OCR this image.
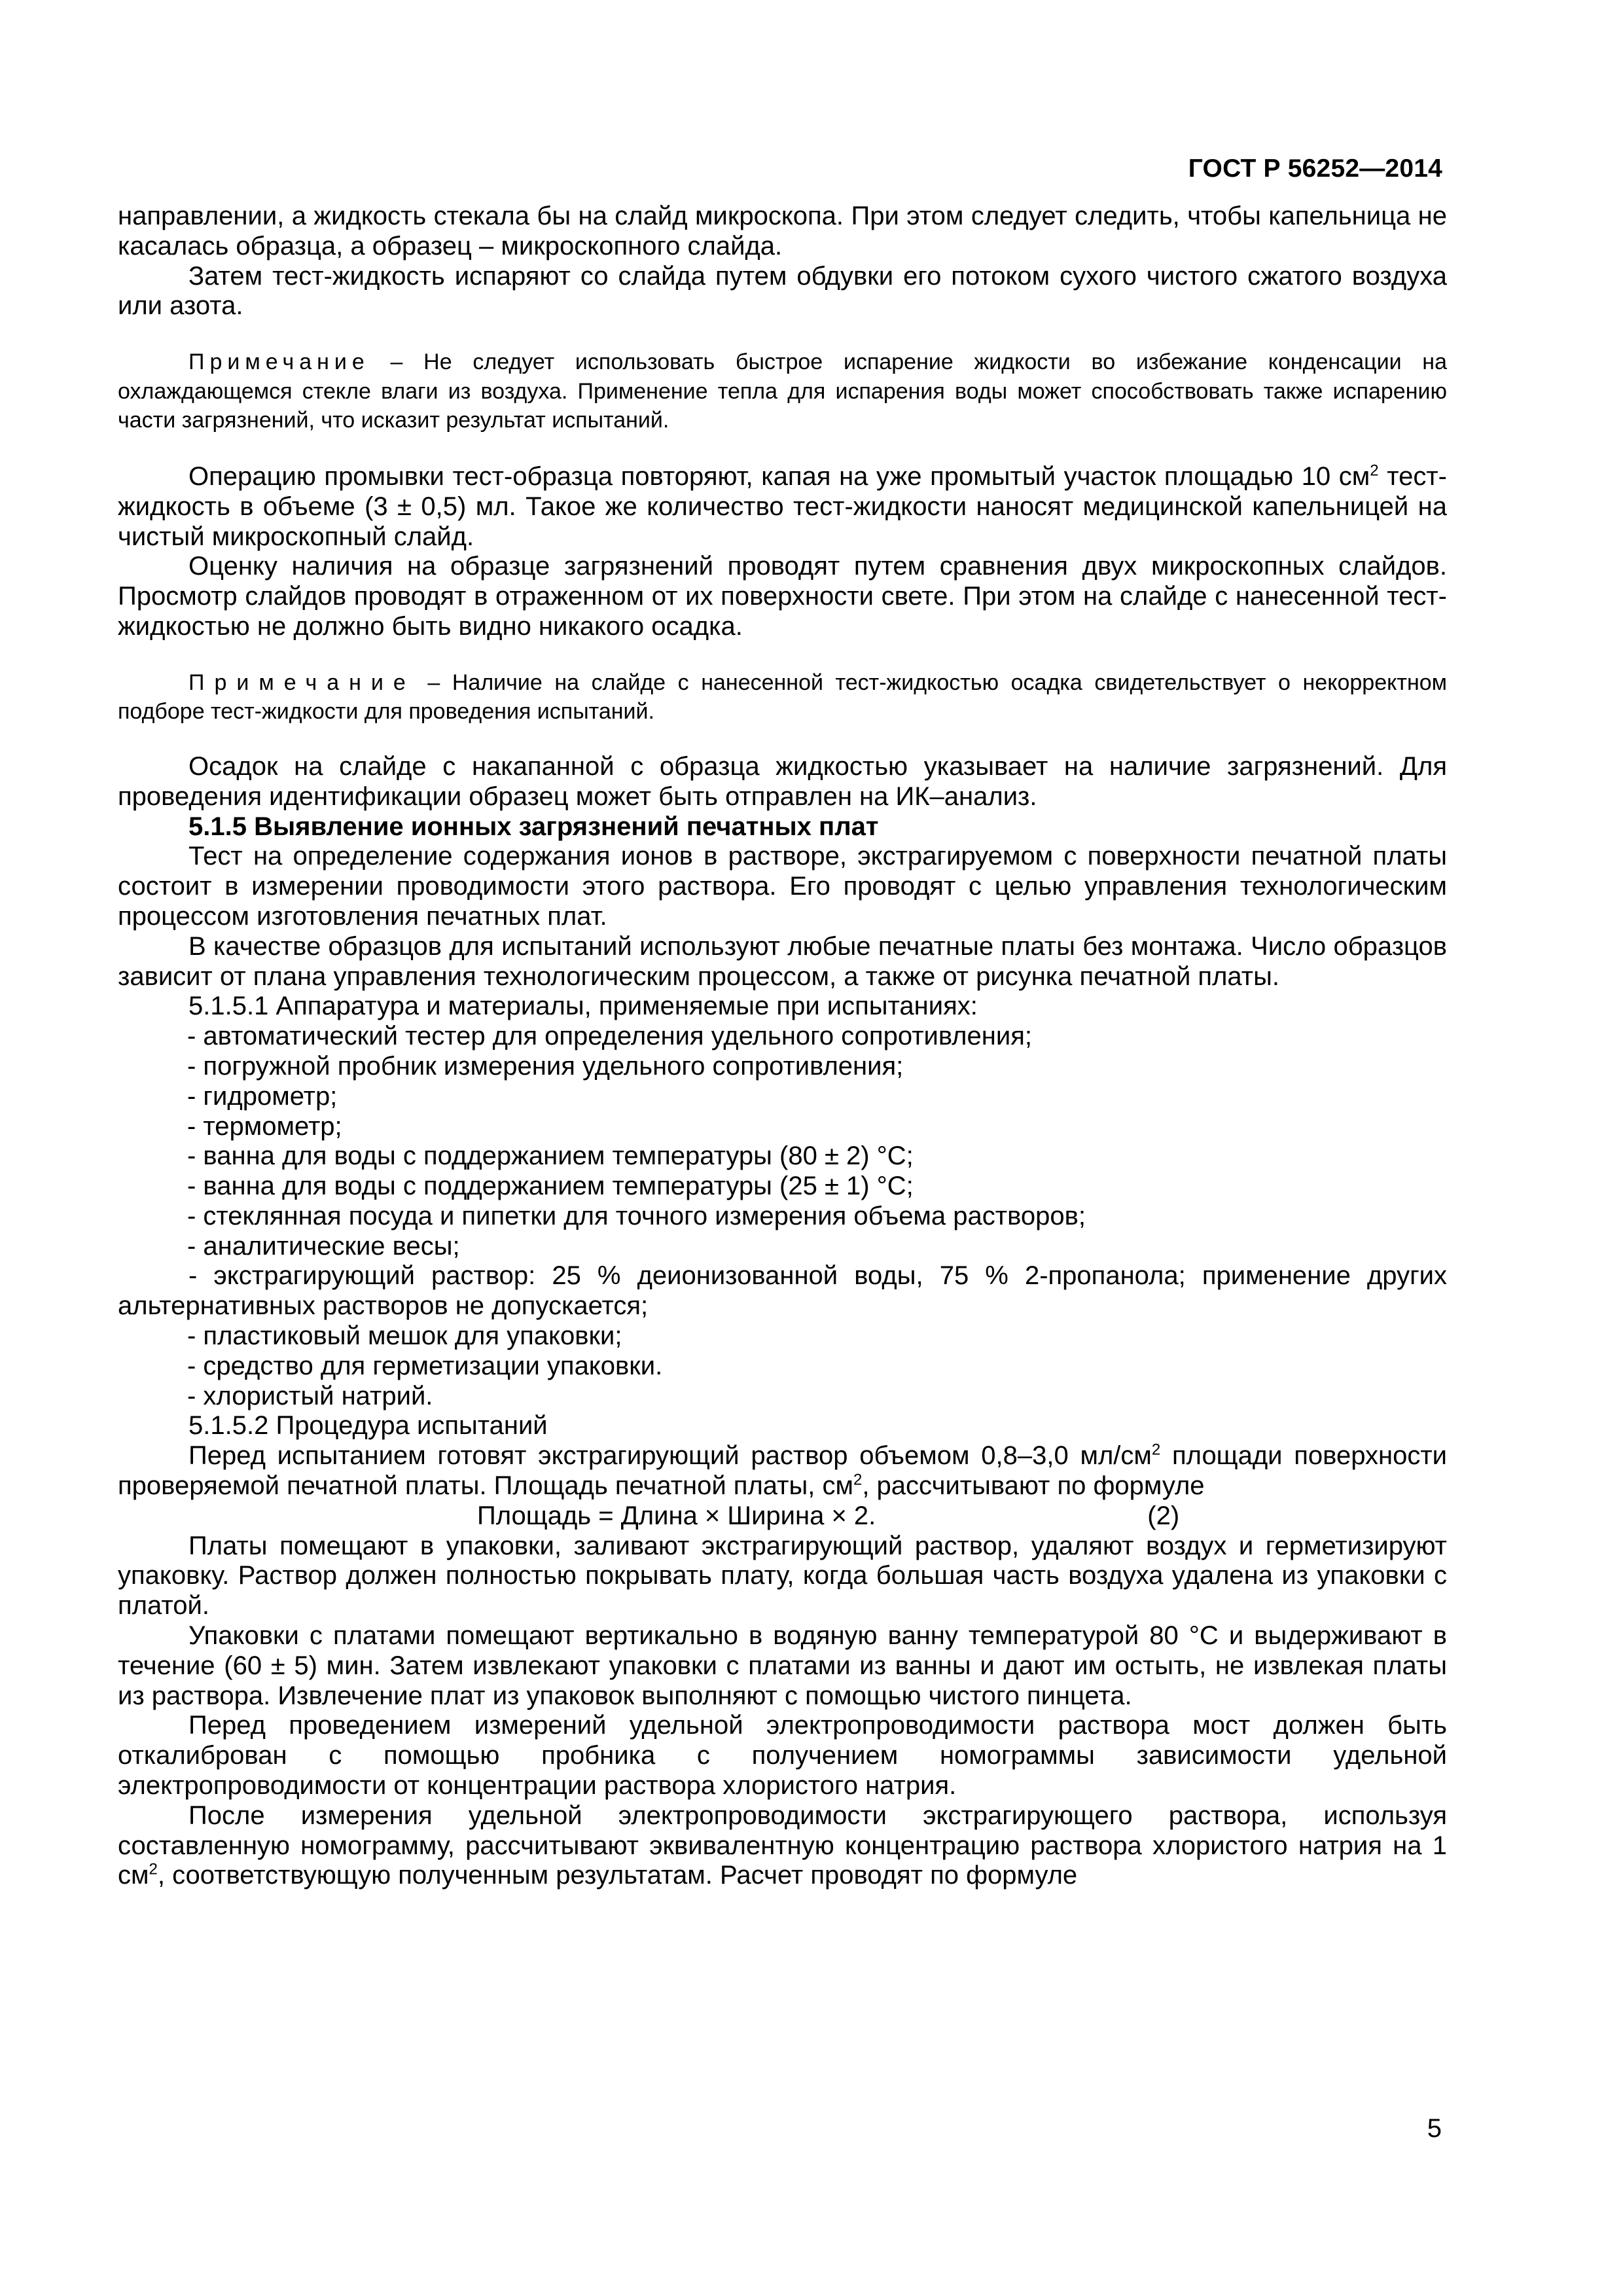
ГОСТ Р 56252—2014

направлении, а жидкость стекала бы на слайд микроскопа. При этом следует следить, чтобы капельница не касалась образца, а образец – микроскопного слайда.

Затем тест-жидкость испаряют со слайда путем обдувки его потоком сухого чистого сжатого воздуха или азота.

Примечание – Не следует использовать быстрое испарение жидкости во избежание конденсации на охлаждающемся стекле влаги из воздуха. Применение тепла для испарения воды может способствовать также испарению части загрязнений, что исказит результат испытаний.

Операцию промывки тест-образца повторяют, капая на уже промытый участок площадью 10 $см^2$ тест-жидкость в объеме (3 ± 0,5) мл. Такое же количество тест-жидкости наносят медицинской капельницей на чистый микроскопный слайд.

Оценку наличия на образце загрязнений проводят путем сравнения двух микроскопных слайдов. Просмотр слайдов проводят в отраженном от их поверхности свете. При этом на слайде с нанесенной тест-жидкостью не должно быть видно никакого осадка.

Примечание – Наличие на слайде с нанесенной тест-жидкостью осадка свидетельствует о некорректном подборе тест-жидкости для проведения испытаний.

Осадок на слайде с накапанной с образца жидкостью указывает на наличие загрязнений. Для проведения идентификации образец может быть отправлен на ИК–анализ.

5.1.5 Выявление ионных загрязнений печатных плат

Тест на определение содержания ионов в растворе, экстрагируемом с поверхности печатной платы состоит в измерении проводимости этого раствора. Его проводят с целью управления технологическим процессом изготовления печатных плат.

В качестве образцов для испытаний используют любые печатные платы без монтажа. Число образцов зависит от плана управления технологическим процессом, а также от рисунка печатной платы.

5.1.5.1 Аппаратура и материалы, применяемые при испытаниях:

- автоматический тестер для определения удельного сопротивления;

- погружной пробник измерения удельного сопротивления;

- гидрометр;

- термометр;

- ванна для воды с поддержанием температуры (80 ± 2) °С;

- ванна для воды с поддержанием температуры (25 ± 1) °С;

- стеклянная посуда и пипетки для точного измерения объема растворов;

- аналитические весы;

- экстрагирующий раствор: 25 % деионизованной воды, 75 % 2-пропанола; применение других альтернативных растворов не допускается;

- пластиковый мешок для упаковки;

- средство для герметизации упаковки.

- хлористый натрий.

5.1.5.2 Процедура испытаний

Перед испытанием готовят экстрагирующий раствор объемом 0,8–3,0 $мл/см^2$ площади поверхности проверяемой печатной платы. Площадь печатной платы, $см^2$, рассчитывают по формуле

Площадь = Длина × Ширина × 2.	(2)

Платы помещают в упаковки, заливают экстрагирующий раствор, удаляют воздух и герметизируют упаковку. Раствор должен полностью покрывать плату, когда большая часть воздуха удалена из упаковки с платой.

Упаковки с платами помещают вертикально в водяную ванну температурой 80 °С и выдерживают в течение (60 ± 5) мин. Затем извлекают упаковки с платами из ванны и дают им остыть, не извлекая платы из раствора. Извлечение плат из упаковок выполняют с помощью чистого пинцета.

Перед проведением измерений удельной электропроводимости раствора мост должен быть откалиброван с помощью пробника с получением номограммы зависимости удельной электропроводимости от концентрации раствора хлористого натрия.

После измерения удельной электропроводимости экстрагирующего раствора, используя составленную номограмму, рассчитывают эквивалентную концентрацию раствора хлористого натрия на 1 $см^2$, соответствующую полученным результатам. Расчет проводят по формуле

5
